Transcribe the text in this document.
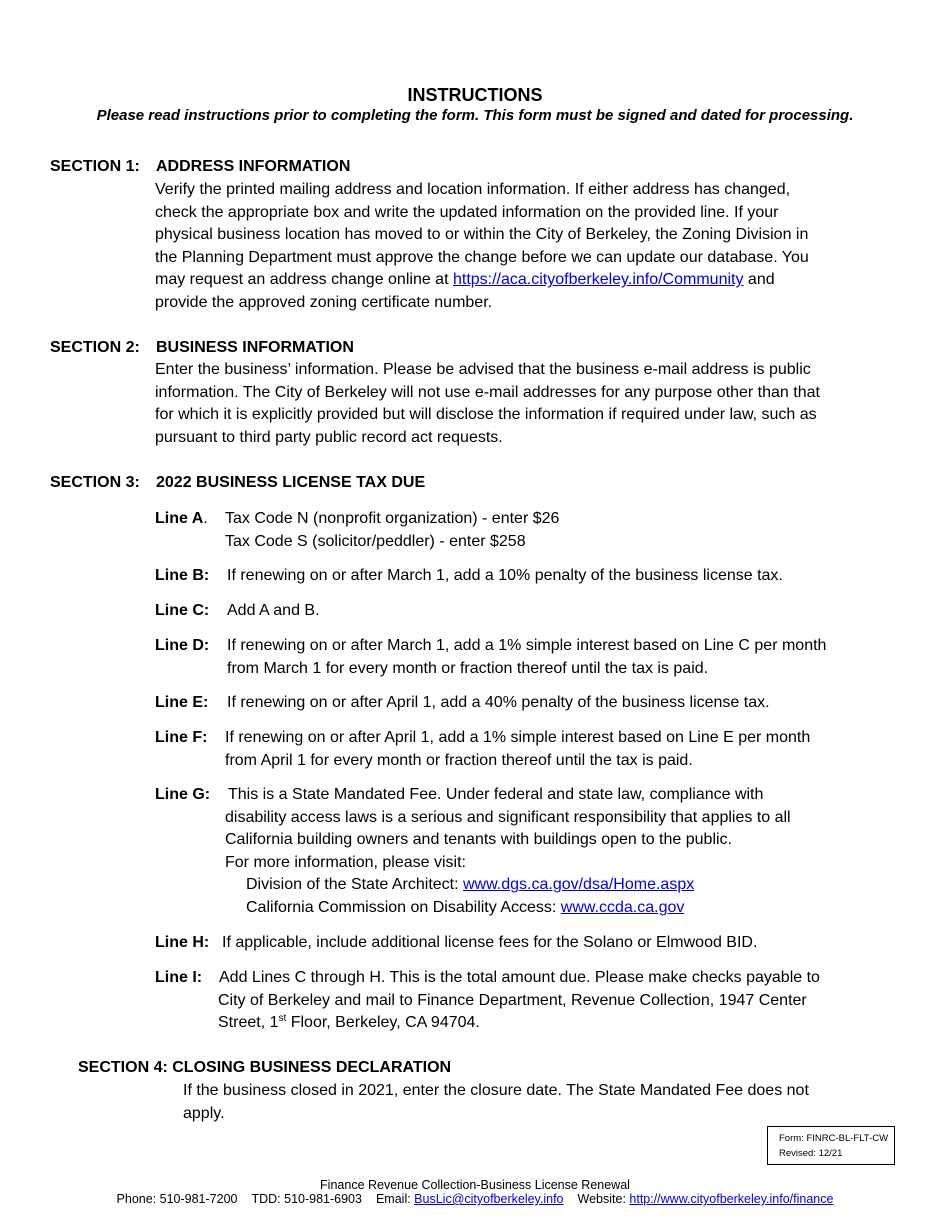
INSTRUCTIONS
Please read instructions prior to completing the form. This form must be signed and dated for processing.
SECTION 1: ADDRESS INFORMATION
Verify the printed mailing address and location information. If either address has changed,
check the appropriate box and write the updated information on the provided line. If your
physical business location has moved to or within the City of Berkeley, the Zoning Division in
the Planning Department must approve the change before we can update our database. You
may request an address change online at https://aca.cityofberkeley.info/Community and
provide the approved zoning certificate number.
SECTION 2: BUSINESS INFORMATION
Enter the business’ information. Please be advised that the business e-mail address is public
information. The City of Berkeley will not use e-mail addresses for any purpose other than that
for which it is explicitly provided but will disclose the information if required under law, such as
pursuant to third party public record act requests.
SECTION 3: 2022 BUSINESS LICENSE TAX DUE
Line A. Tax Code N (nonprofit organization) - enter $26
Tax Code S (solicitor/peddler) - enter $258
Line B: If renewing on or after March 1, add a 10% penalty of the business license tax.
Line C: Add A and B.
Line D: If renewing on or after March 1, add a 1% simple interest based on Line C per month
from March 1 for every month or fraction thereof until the tax is paid.
Line E: If renewing on or after April 1, add a 40% penalty of the business license tax.
Line F: If renewing on or after April 1, add a 1% simple interest based on Line E per month
from April 1 for every month or fraction thereof until the tax is paid.
Line G: This is a State Mandated Fee. Under federal and state law, compliance with
disability access laws is a serious and significant responsibility that applies to all
California building owners and tenants with buildings open to the public.
For more information, please visit:
Division of the State Architect: www.dgs.ca.gov/dsa/Home.aspx
California Commission on Disability Access: www.ccda.ca.gov
Line H: If applicable, include additional license fees for the Solano or Elmwood BID.
Line I: Add Lines C through H. This is the total amount due. Please make checks payable to
City of Berkeley and mail to Finance Department, Revenue Collection, 1947 Center
Street, 1st Floor, Berkeley, CA 94704.
SECTION 4: CLOSING BUSINESS DECLARATION
If the business closed in 2021, enter the closure date. The State Mandated Fee does not
apply.
Form: FINRC-BL-FLT-CW
Revised: 12/21
Finance Revenue Collection-Business License Renewal
Phone: 510-981-7200 TDD: 510-981-6903 Email: BusLic@cityofberkeley.info Website: http://www.cityofberkeley.info/finance
